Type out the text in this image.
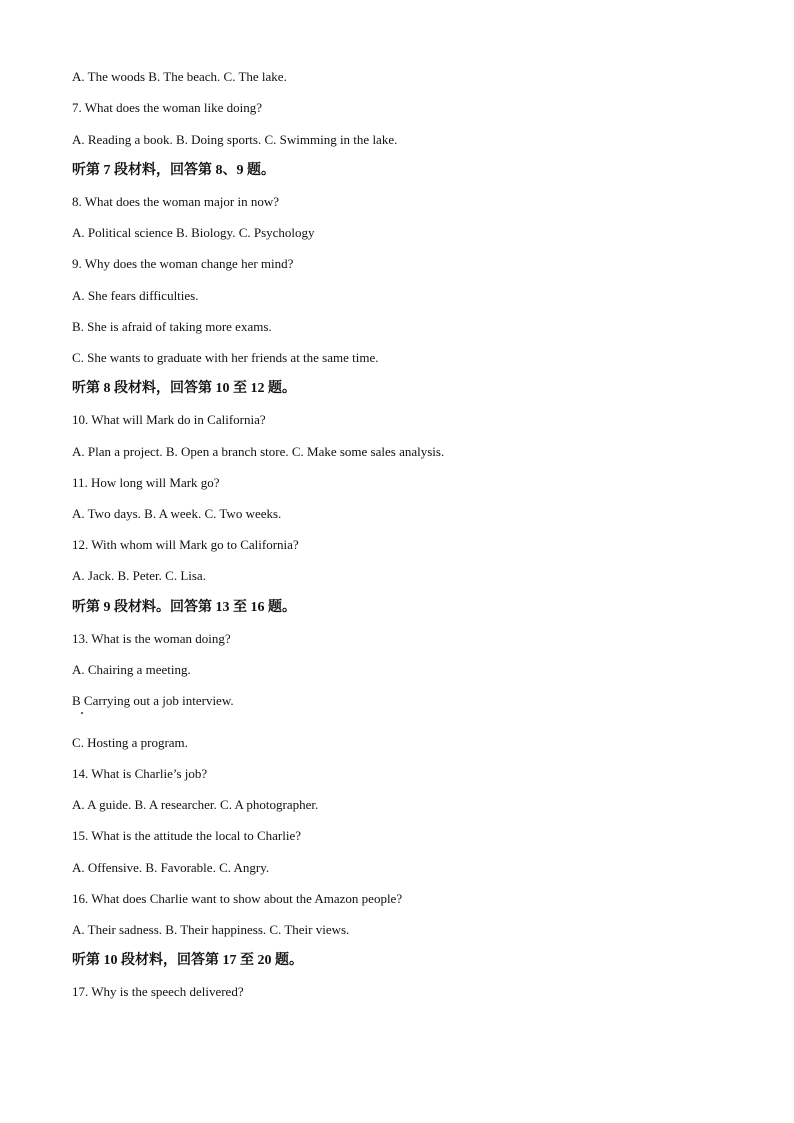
A. The woods B. The beach. C. The lake.
7. What does the woman like doing?
A. Reading a book. B. Doing sports. C. Swimming in the lake.
听第 7 段材料，回答第 8、9 题。
8. What does the woman major in now?
A. Political science B. Biology. C. Psychology
9. Why does the woman change her mind?
A. She fears difficulties.
B. She is afraid of taking more exams.
C. She wants to graduate with her friends at the same time.
听第 8 段材料，回答第 10 至 12 题。
10. What will Mark do in California?
A. Plan a project. B. Open a branch store. C. Make some sales analysis.
11. How long will Mark go?
A. Two days. B. A week. C. Two weeks.
12. With whom will Mark go to California?
A. Jack. B. Peter. C. Lisa.
听第 9 段材料。回答第 13 至 16 题。
13. What is the woman doing?
A. Chairing a meeting.
B Carrying out a job interview.
C. Hosting a program.
14. What is Charlie’s job?
A. A guide. B. A researcher. C. A photographer.
15. What is the attitude the local to Charlie?
A. Offensive. B. Favorable. C. Angry.
16. What does Charlie want to show about the Amazon people?
A. Their sadness. B. Their happiness. C. Their views.
听第 10 段材料，回答第 17 至 20 题。
17. Why is the speech delivered?
